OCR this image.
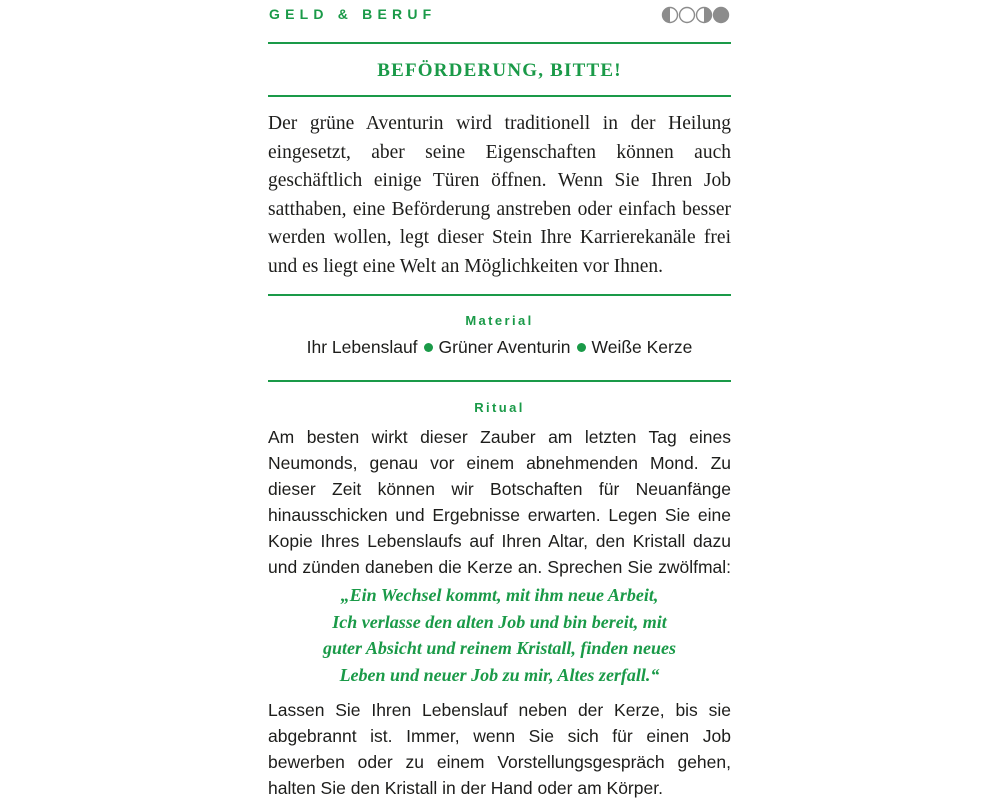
GELD & BERUF
BEFÖRDERUNG, BITTE!

Der grüne Aventurin wird traditionell in der Heilung
eingesetzt, aber seine Eigenschaften können auch
geschäftlich einige Türen öffnen. Wenn Sie Ihren Job
satthaben, eine Beförderung anstreben oder einfach besser
werden wollen, legt dieser Stein Ihre Karrierekanäle frei
und es liegt eine Welt an Möglichkeiten vor Ihnen.

Material
Ihr Lebenslauf Grüner Aventurin Weiße Kerze
Ritual

Am besten wirkt dieser Zauber am letzten Tag eines
Neumonds, genau vor einem abnehmenden Mond. Zu
dieser Zeit können wir Botschaften für Neuanfänge
hinausschicken und Ergebnisse erwarten. Legen Sie eine
Kopie Ihres Lebenslaufs auf Ihren Altar, den Kristall dazu
und zünden daneben die Kerze an. Sprechen Sie zwölfmal:

„Ein Wechsel kommt, mit ihm neue Arbeit,
Ich verlasse den alten Job und bin bereit, mit
guter Absicht und reinem Kristall, finden neues
Leben und neuer Job zu mir, Altes zerfall.“

Lassen Sie Ihren Lebenslauf neben der Kerze, bis sie
abgebrannt ist. Immer, wenn Sie sich für einen Job
bewerben oder zu einem Vorstellungsgespräch gehen,
halten Sie den Kristall in der Hand oder am Körper.
